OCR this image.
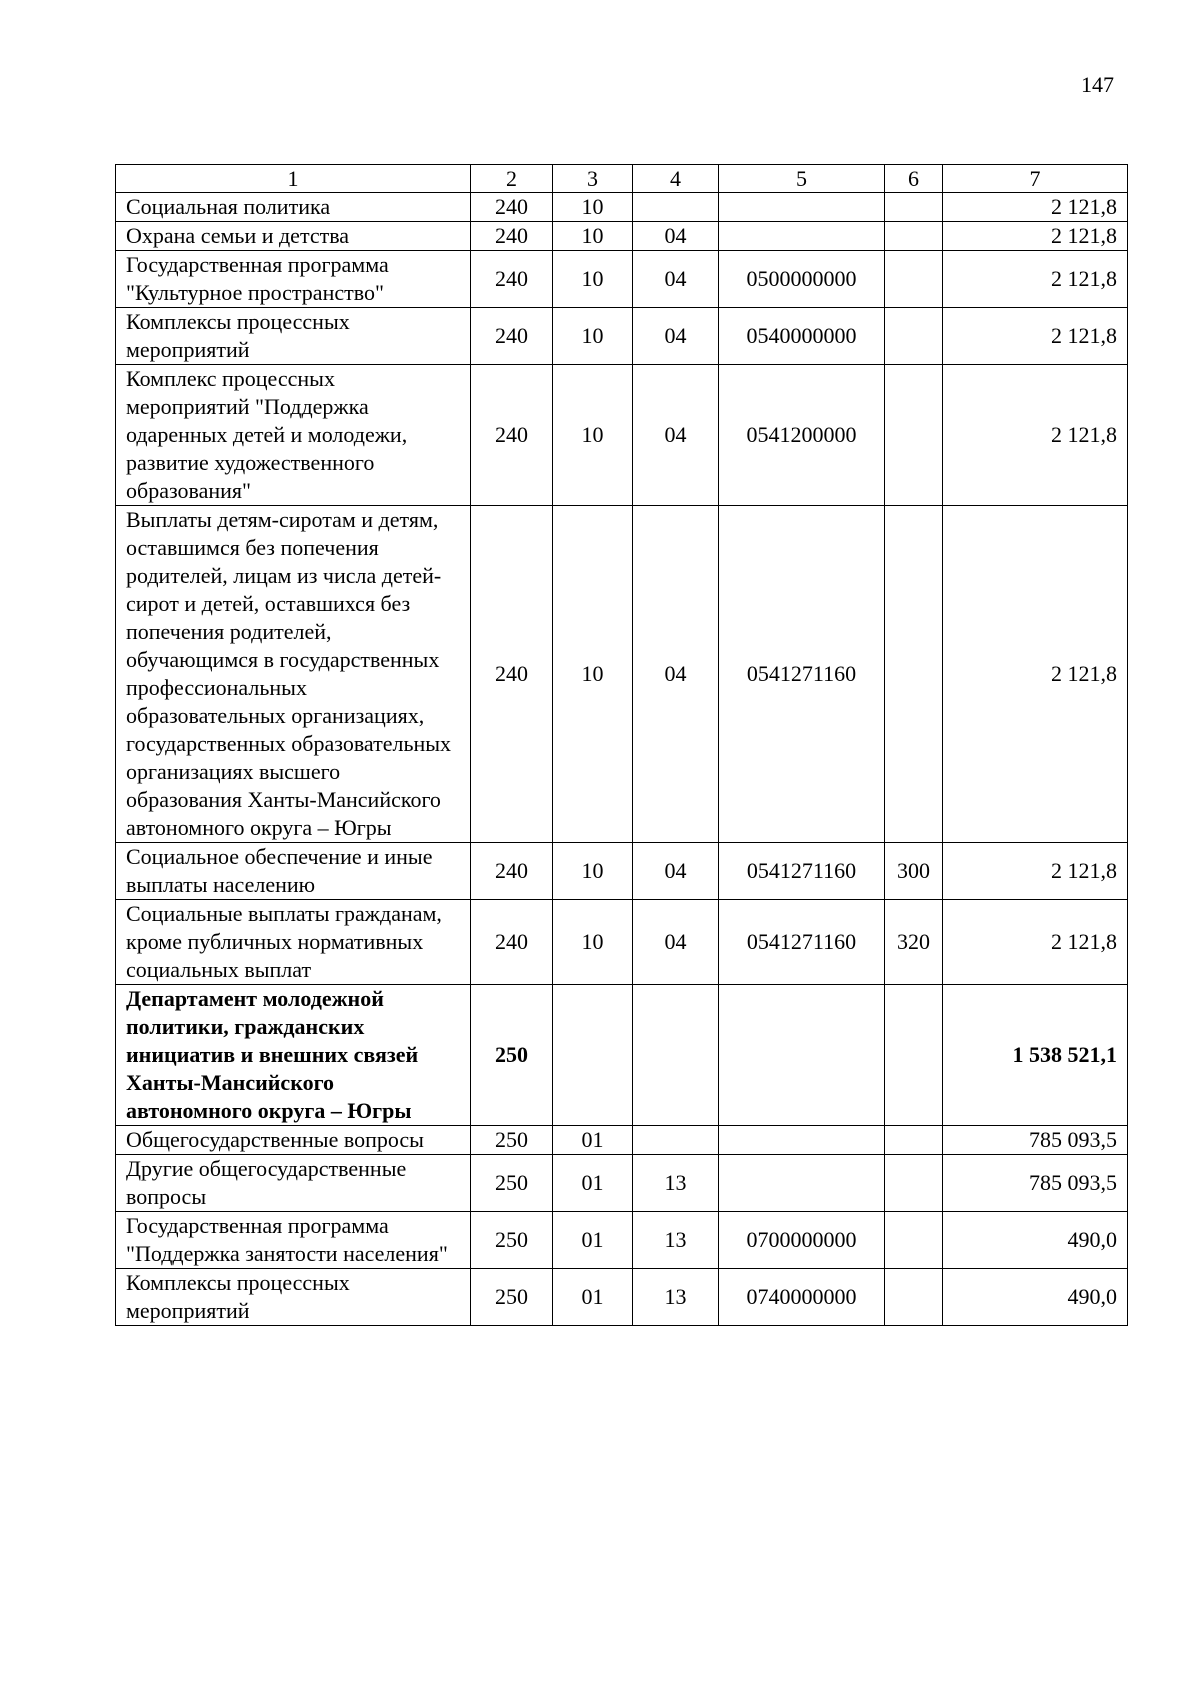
147
1	2	3	4	5	6	7
Социальная политика	240	10				2 121,8
Охрана семьи и детства	240	10	04			2 121,8
Государственная программа "Культурное пространство"	240	10	04	0500000000		2 121,8
Комплексы процессных мероприятий	240	10	04	0540000000		2 121,8
Комплекс процессных мероприятий "Поддержка одаренных детей и молодежи, развитие художественного образования"	240	10	04	0541200000		2 121,8
Выплаты детям-сиротам и детям, оставшимся без попечения родителей, лицам из числа детей-сирот и детей, оставшихся без попечения родителей, обучающимся в государственных профессиональных образовательных организациях, государственных образовательных организациях высшего образования Ханты-Мансийского автономного округа – Югры	240	10	04	0541271160		2 121,8
Социальное обеспечение и иные выплаты населению	240	10	04	0541271160	300	2 121,8
Социальные выплаты гражданам, кроме публичных нормативных социальных выплат	240	10	04	0541271160	320	2 121,8
Департамент молодежной политики, гражданских инициатив и внешних связей Ханты-Мансийского автономного округа – Югры	250					1 538 521,1
Общегосударственные вопросы	250	01				785 093,5
Другие общегосударственные вопросы	250	01	13			785 093,5
Государственная программа "Поддержка занятости населения"	250	01	13	0700000000		490,0
Комплексы процессных мероприятий	250	01	13	0740000000		490,0
